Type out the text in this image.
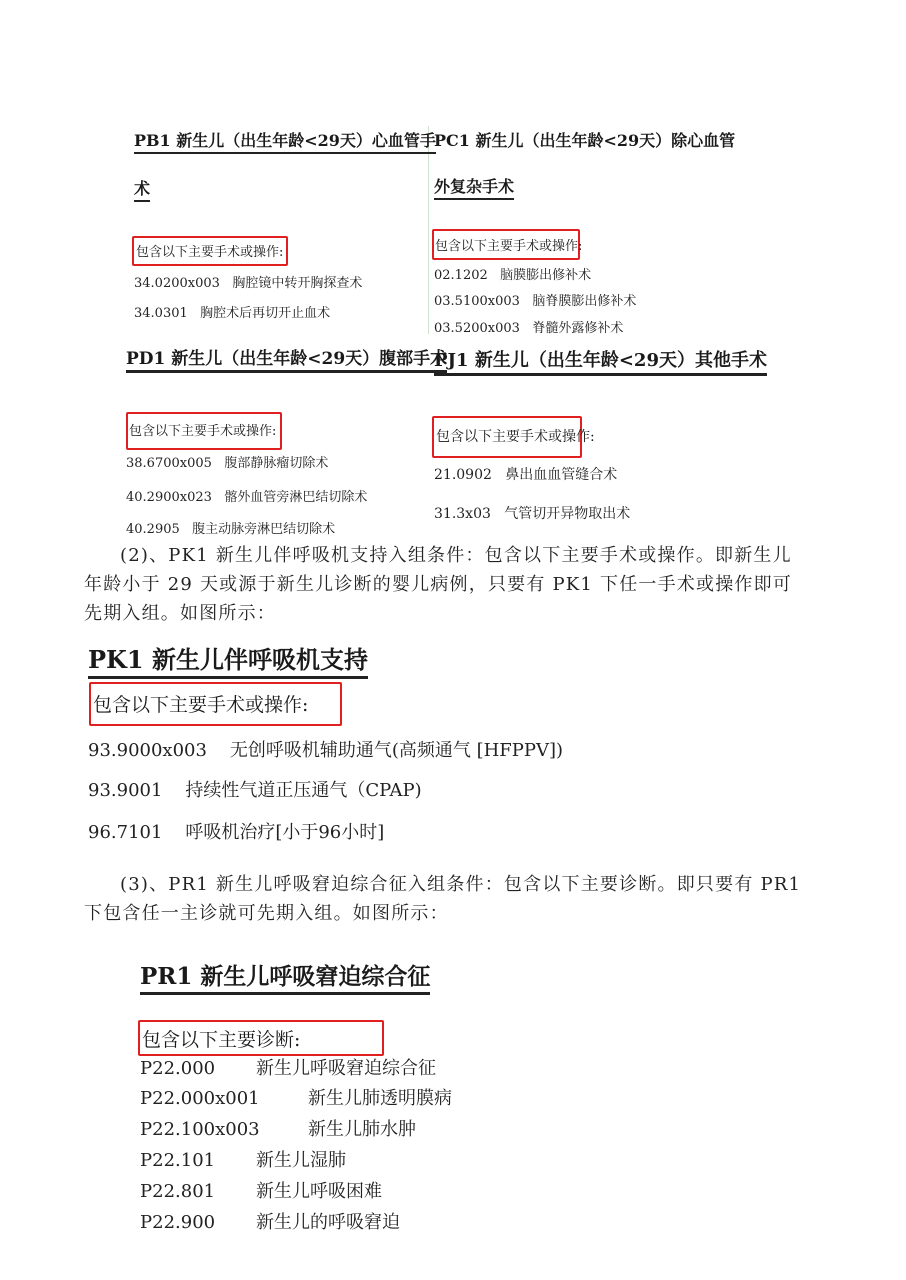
PB1 新生儿（出生年龄<29天）心血管手
术
包含以下主要手术或操作:
34.0200x003 胸腔镜中转开胸探查术
34.0301 胸腔术后再切开止血术
PC1 新生儿（出生年龄<29天）除心血管
外复杂手术
包含以下主要手术或操作:
02.1202 脑膜膨出修补术
03.5100x003 脑脊膜膨出修补术
03.5200x003 脊髓外露修补术
PD1 新生儿（出生年龄<29天）腹部手术
包含以下主要手术或操作:
38.6700x005 腹部静脉瘤切除术
40.2900x023 髂外血管旁淋巴结切除术
40.2905 腹主动脉旁淋巴结切除术
PJ1 新生儿（出生年龄<29天）其他手术
包含以下主要手术或操作:
21.0902 鼻出血血管缝合术
31.3x03 气管切开异物取出术
(2)、PK1 新生儿伴呼吸机支持入组条件：包含以下主要手术或操作。即新生儿年龄小于 29 天或源于新生儿诊断的婴儿病例，只要有 PK1 下任一手术或操作即可先期入组。如图所示：
PK1 新生儿伴呼吸机支持
包含以下主要手术或操作:
93.9000x003 无创呼吸机辅助通气(高频通气 [HFPPV])
93.9001 持续性气道正压通气（CPAP)
96.7101 呼吸机治疗[小于96小时]
(3)、PR1 新生儿呼吸窘迫综合征入组条件：包含以下主要诊断。即只要有 PR1 下包含任一主诊就可先期入组。如图所示：
PR1 新生儿呼吸窘迫综合征
包含以下主要诊断:
P22.000 新生儿呼吸窘迫综合征
P22.000x001	新生儿肺透明膜病
P22.100x003	新生儿肺水肿
P22.101 新生儿湿肺
P22.801 新生儿呼吸困难
P22.900 新生儿的呼吸窘迫
